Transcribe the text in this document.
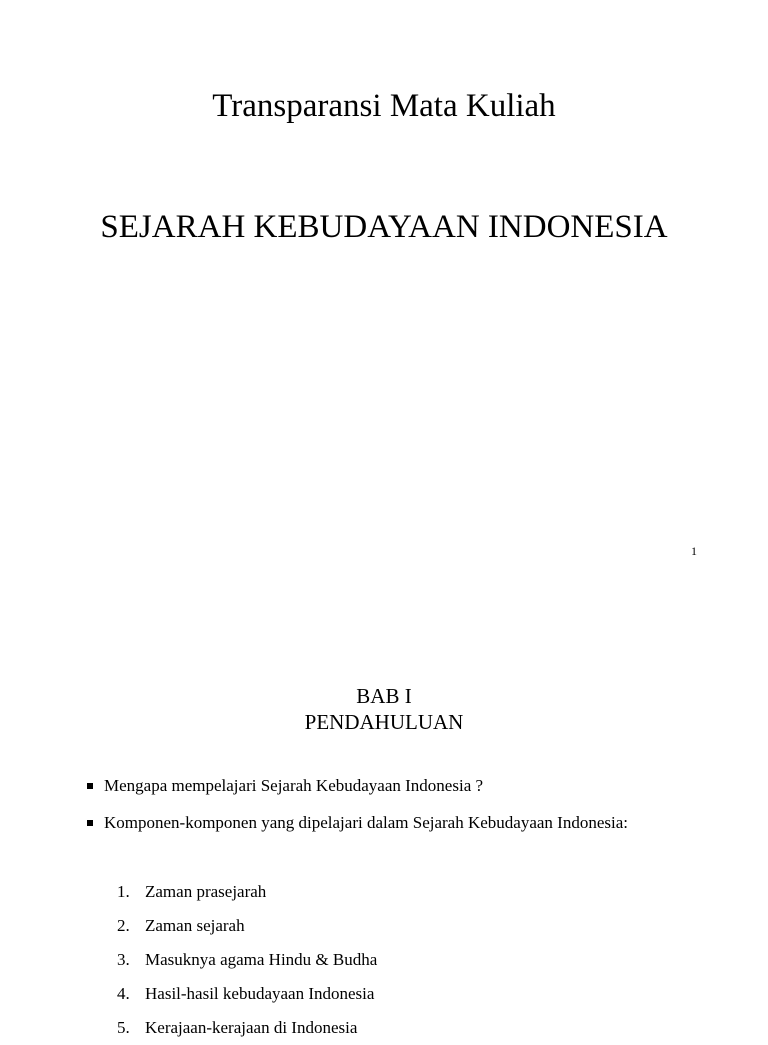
Transparansi Mata Kuliah
SEJARAH KEBUDAYAAN INDONESIA
1
BAB I
PENDAHULUAN
Mengapa mempelajari Sejarah Kebudayaan Indonesia ?
Komponen-komponen yang dipelajari dalam Sejarah Kebudayaan Indonesia:
1. Zaman prasejarah
2. Zaman sejarah
3. Masuknya agama Hindu & Budha
4. Hasil-hasil kebudayaan Indonesia
5. Kerajaan-kerajaan di Indonesia
